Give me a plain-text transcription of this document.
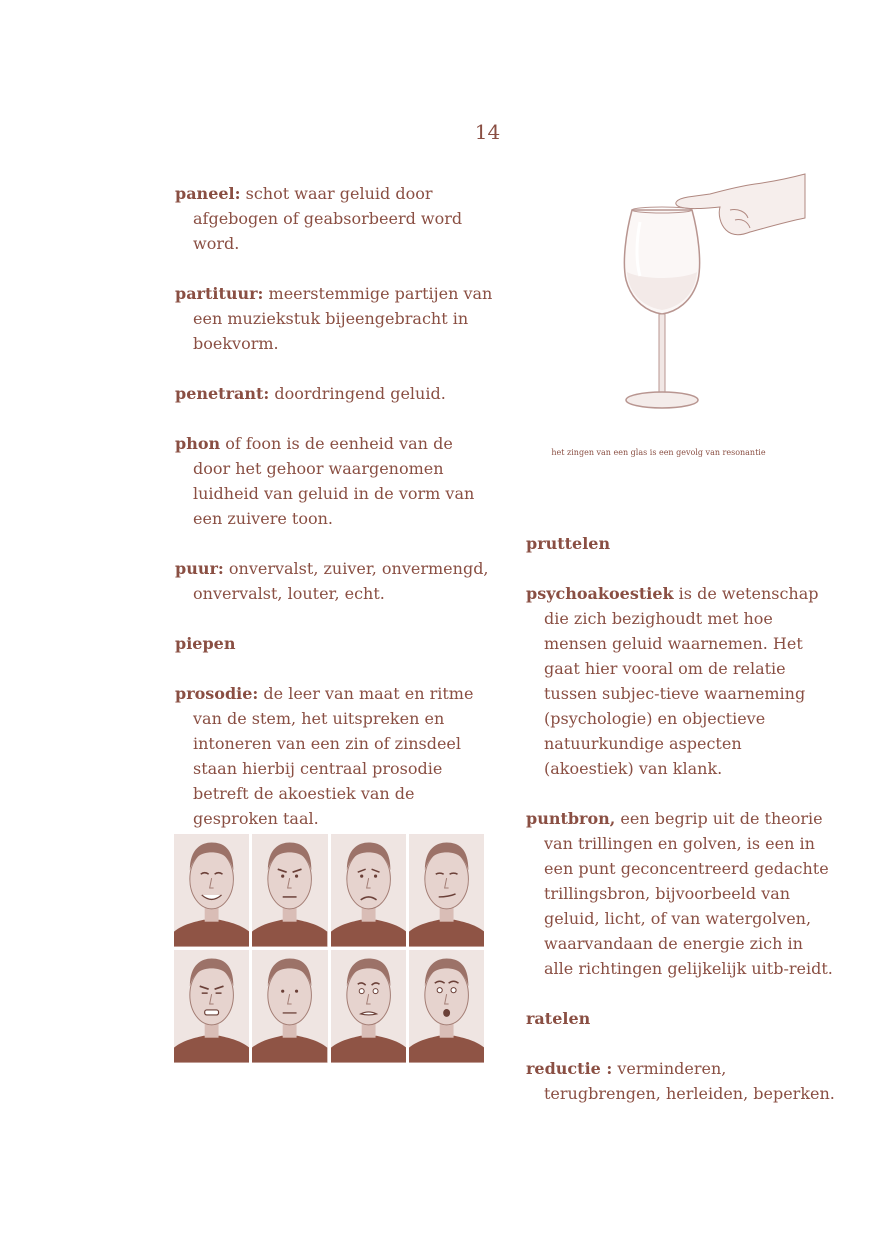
14

paneel: schot waar geluid door afgebogen of geabsorbeerd word word.

partituur: meerstemmige partijen van een muziekstuk bijeengebracht in boekvorm.

penetrant: doordringend geluid.

phon of foon is de eenheid van de door het gehoor waargenomen luidheid van geluid in de vorm van een zuivere toon.

puur: onvervalst, zuiver, onvermengd, onvervalst, louter, echt.

piepen

prosodie: de leer van maat en ritme van de stem, het uitspreken en intoneren van een zin of zinsdeel staan hierbij centraal prosodie betreft de akoestiek van de gesproken taal.

het zingen van een glas is een gevolg van resonantie

pruttelen

psychoakoestiek is de wetenschap die zich bezighoudt met hoe mensen geluid waarnemen. Het gaat hier vooral om de relatie tussen subjec-tieve waarneming (psychologie) en objectieve natuurkundige aspecten (akoestiek) van klank.

puntbron, een begrip uit de theorie van trillingen en golven, is een in een punt geconcentreerd gedachte trillingsbron, bijvoorbeeld van geluid, licht, of van watergolven, waarvandaan de energie zich in alle richtingen gelijkelijk uitb-reidt.

ratelen

reductie : verminderen, terugbrengen, herleiden, beperken.
